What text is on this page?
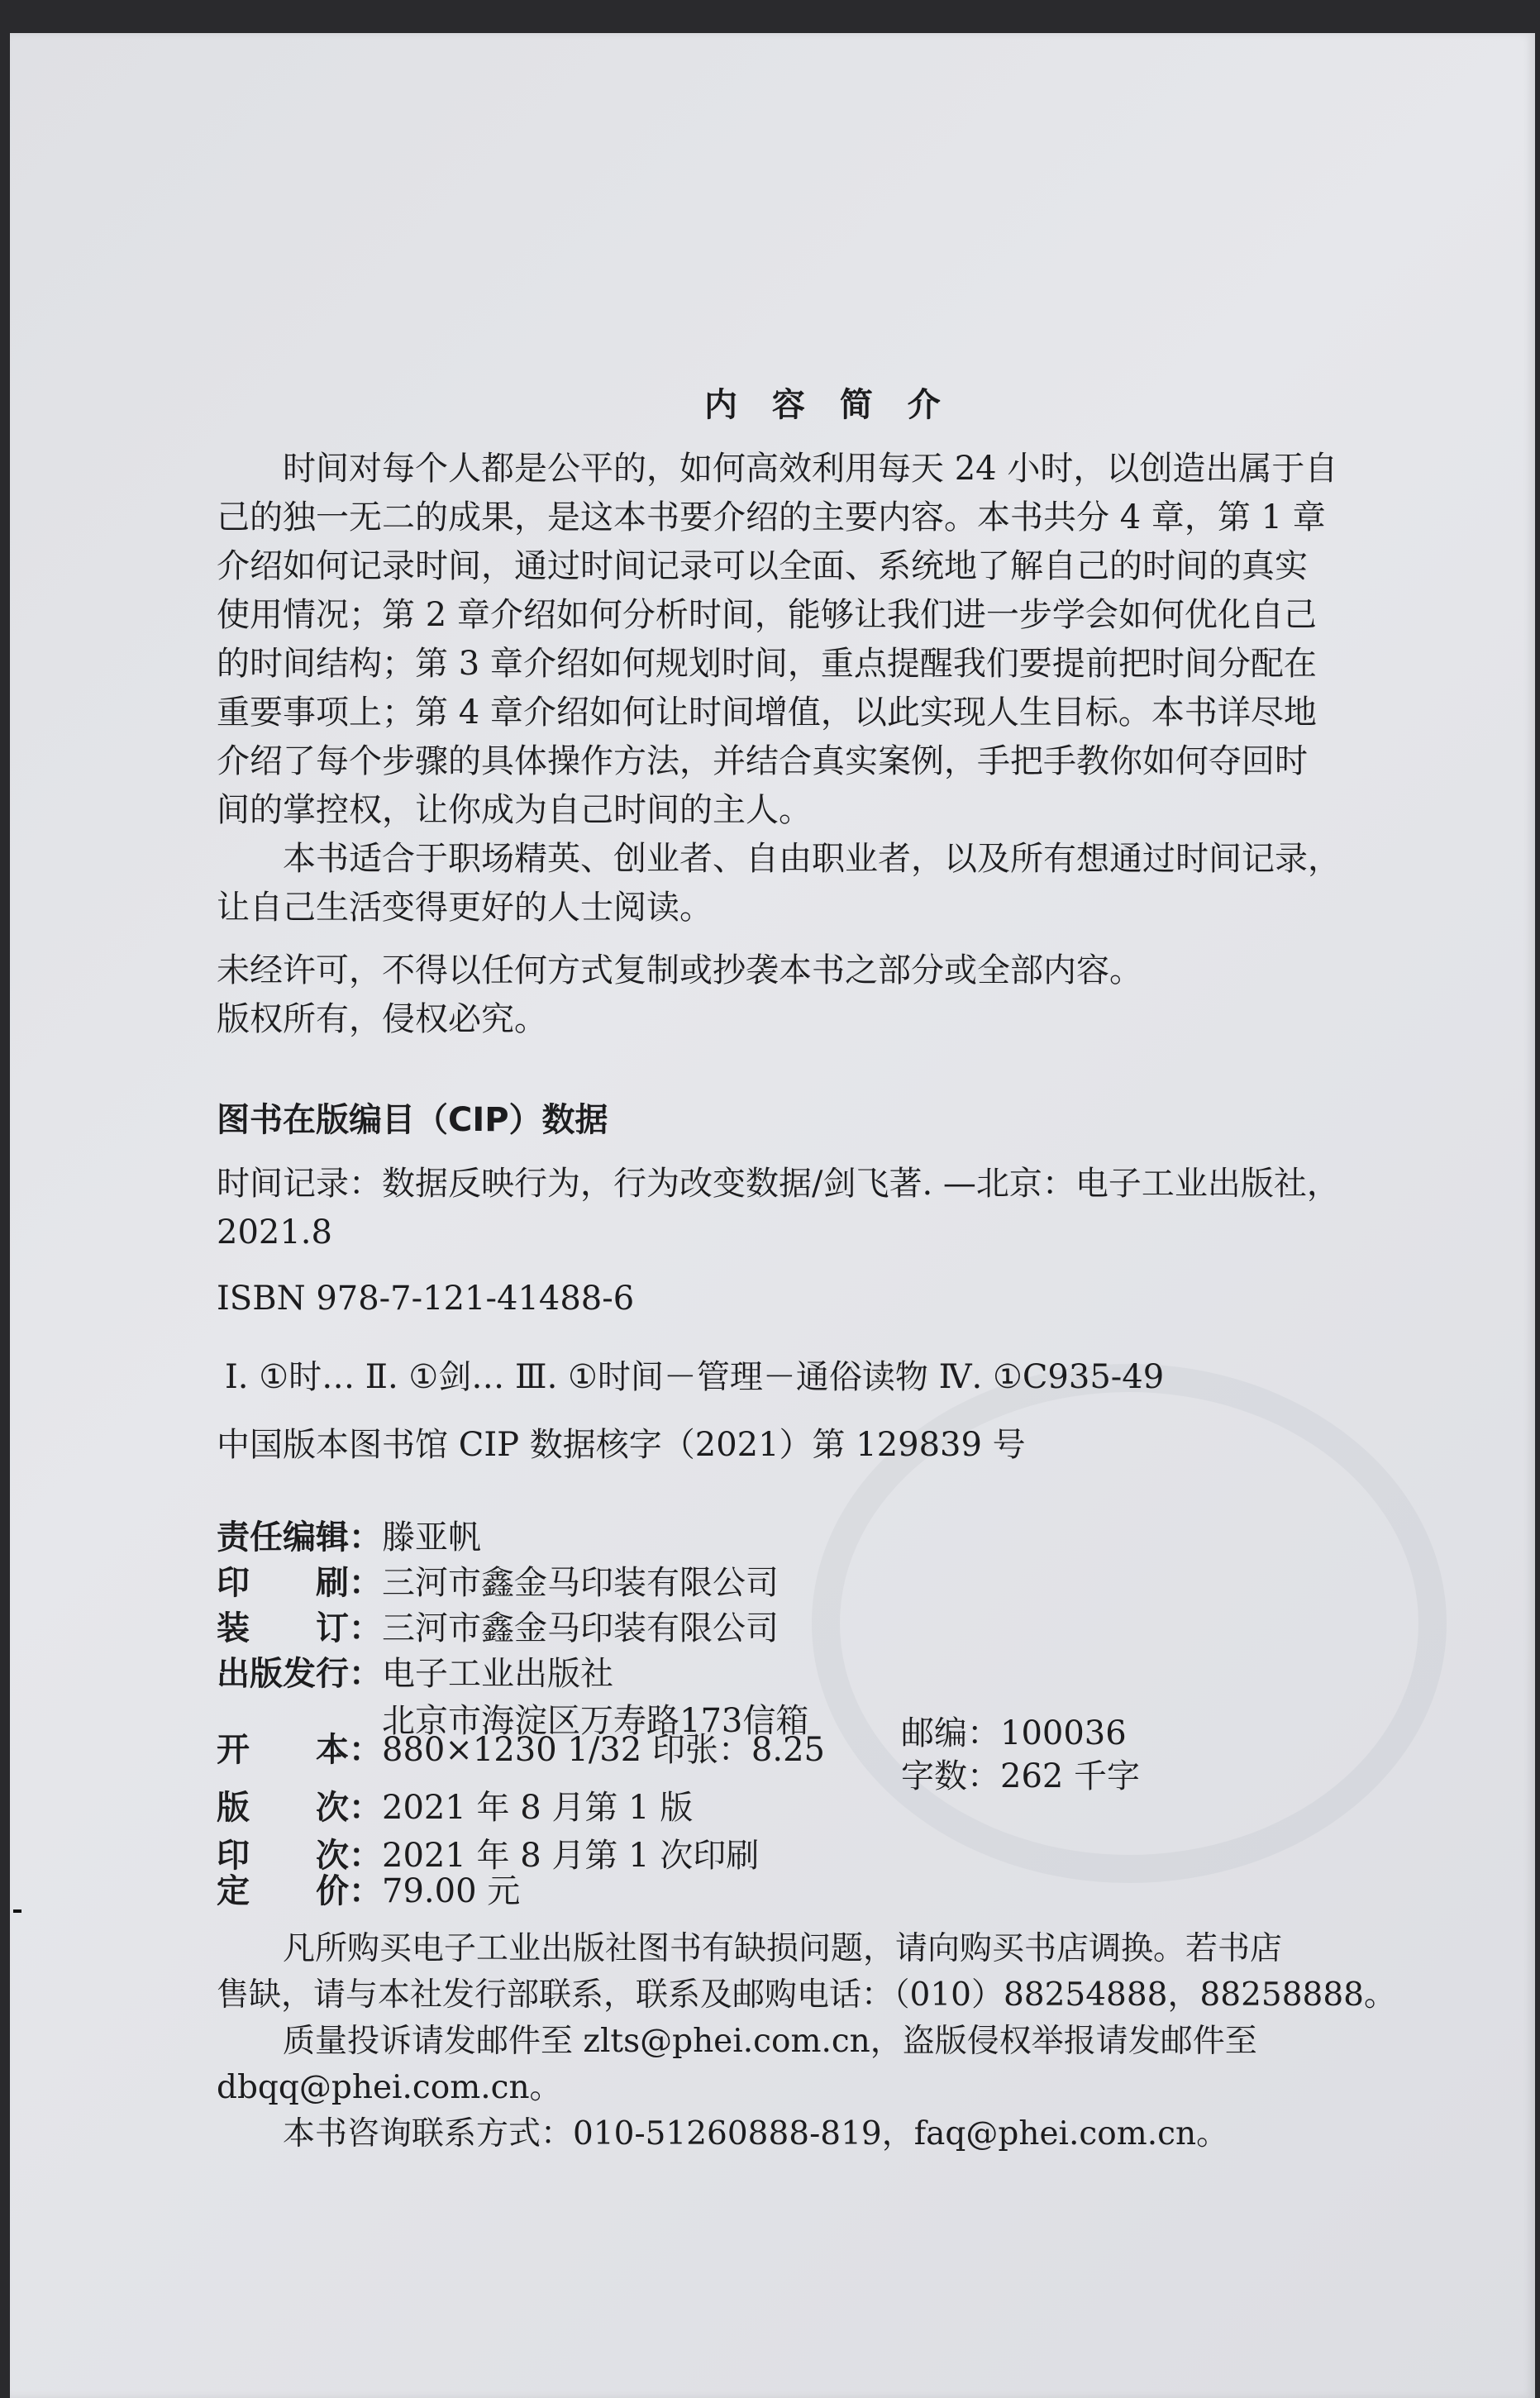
内 容 简 介
时间对每个人都是公平的，如何高效利用每天 24 小时，以创造出属于自
己的独一无二的成果，是这本书要介绍的主要内容。本书共分 4 章，第 1 章
介绍如何记录时间，通过时间记录可以全面、系统地了解自己的时间的真实
使用情况；第 2 章介绍如何分析时间，能够让我们进一步学会如何优化自己
的时间结构；第 3 章介绍如何规划时间，重点提醒我们要提前把时间分配在
重要事项上；第 4 章介绍如何让时间增值，以此实现人生目标。本书详尽地
介绍了每个步骤的具体操作方法，并结合真实案例，手把手教你如何夺回时
间的掌控权，让你成为自己时间的主人。
本书适合于职场精英、创业者、自由职业者，以及所有想通过时间记录，
让自己生活变得更好的人士阅读。
未经许可，不得以任何方式复制或抄袭本书之部分或全部内容。
版权所有，侵权必究。
图书在版编目（CIP）数据
时间记录：数据反映行为，行为改变数据/剑飞著. —北京：电子工业出版社，
2021.8
ISBN 978-7-121-41488-6
Ⅰ. ①时… Ⅱ. ①剑… Ⅲ. ①时间－管理－通俗读物 Ⅳ. ①C935-49
中国版本图书馆 CIP 数据核字（2021）第 129839 号
责任编辑：滕亚帆
印　　刷：三河市鑫金马印装有限公司
装　　订：三河市鑫金马印装有限公司
出版发行：电子工业出版社
北京市海淀区万寿路173信箱	邮编：100036
开　　本：880×1230 1/32 印张：8.25
字数：262 千字
版　　次：2021 年 8 月第 1 版
印　　次：2021 年 8 月第 1 次印刷
定　　价：79.00 元
凡所购买电子工业出版社图书有缺损问题，请向购买书店调换。若书店
售缺，请与本社发行部联系，联系及邮购电话：（010）88254888，88258888。
质量投诉请发邮件至 zlts@phei.com.cn，盗版侵权举报请发邮件至
dbqq@phei.com.cn。
本书咨询联系方式：010-51260888-819，faq@phei.com.cn。
